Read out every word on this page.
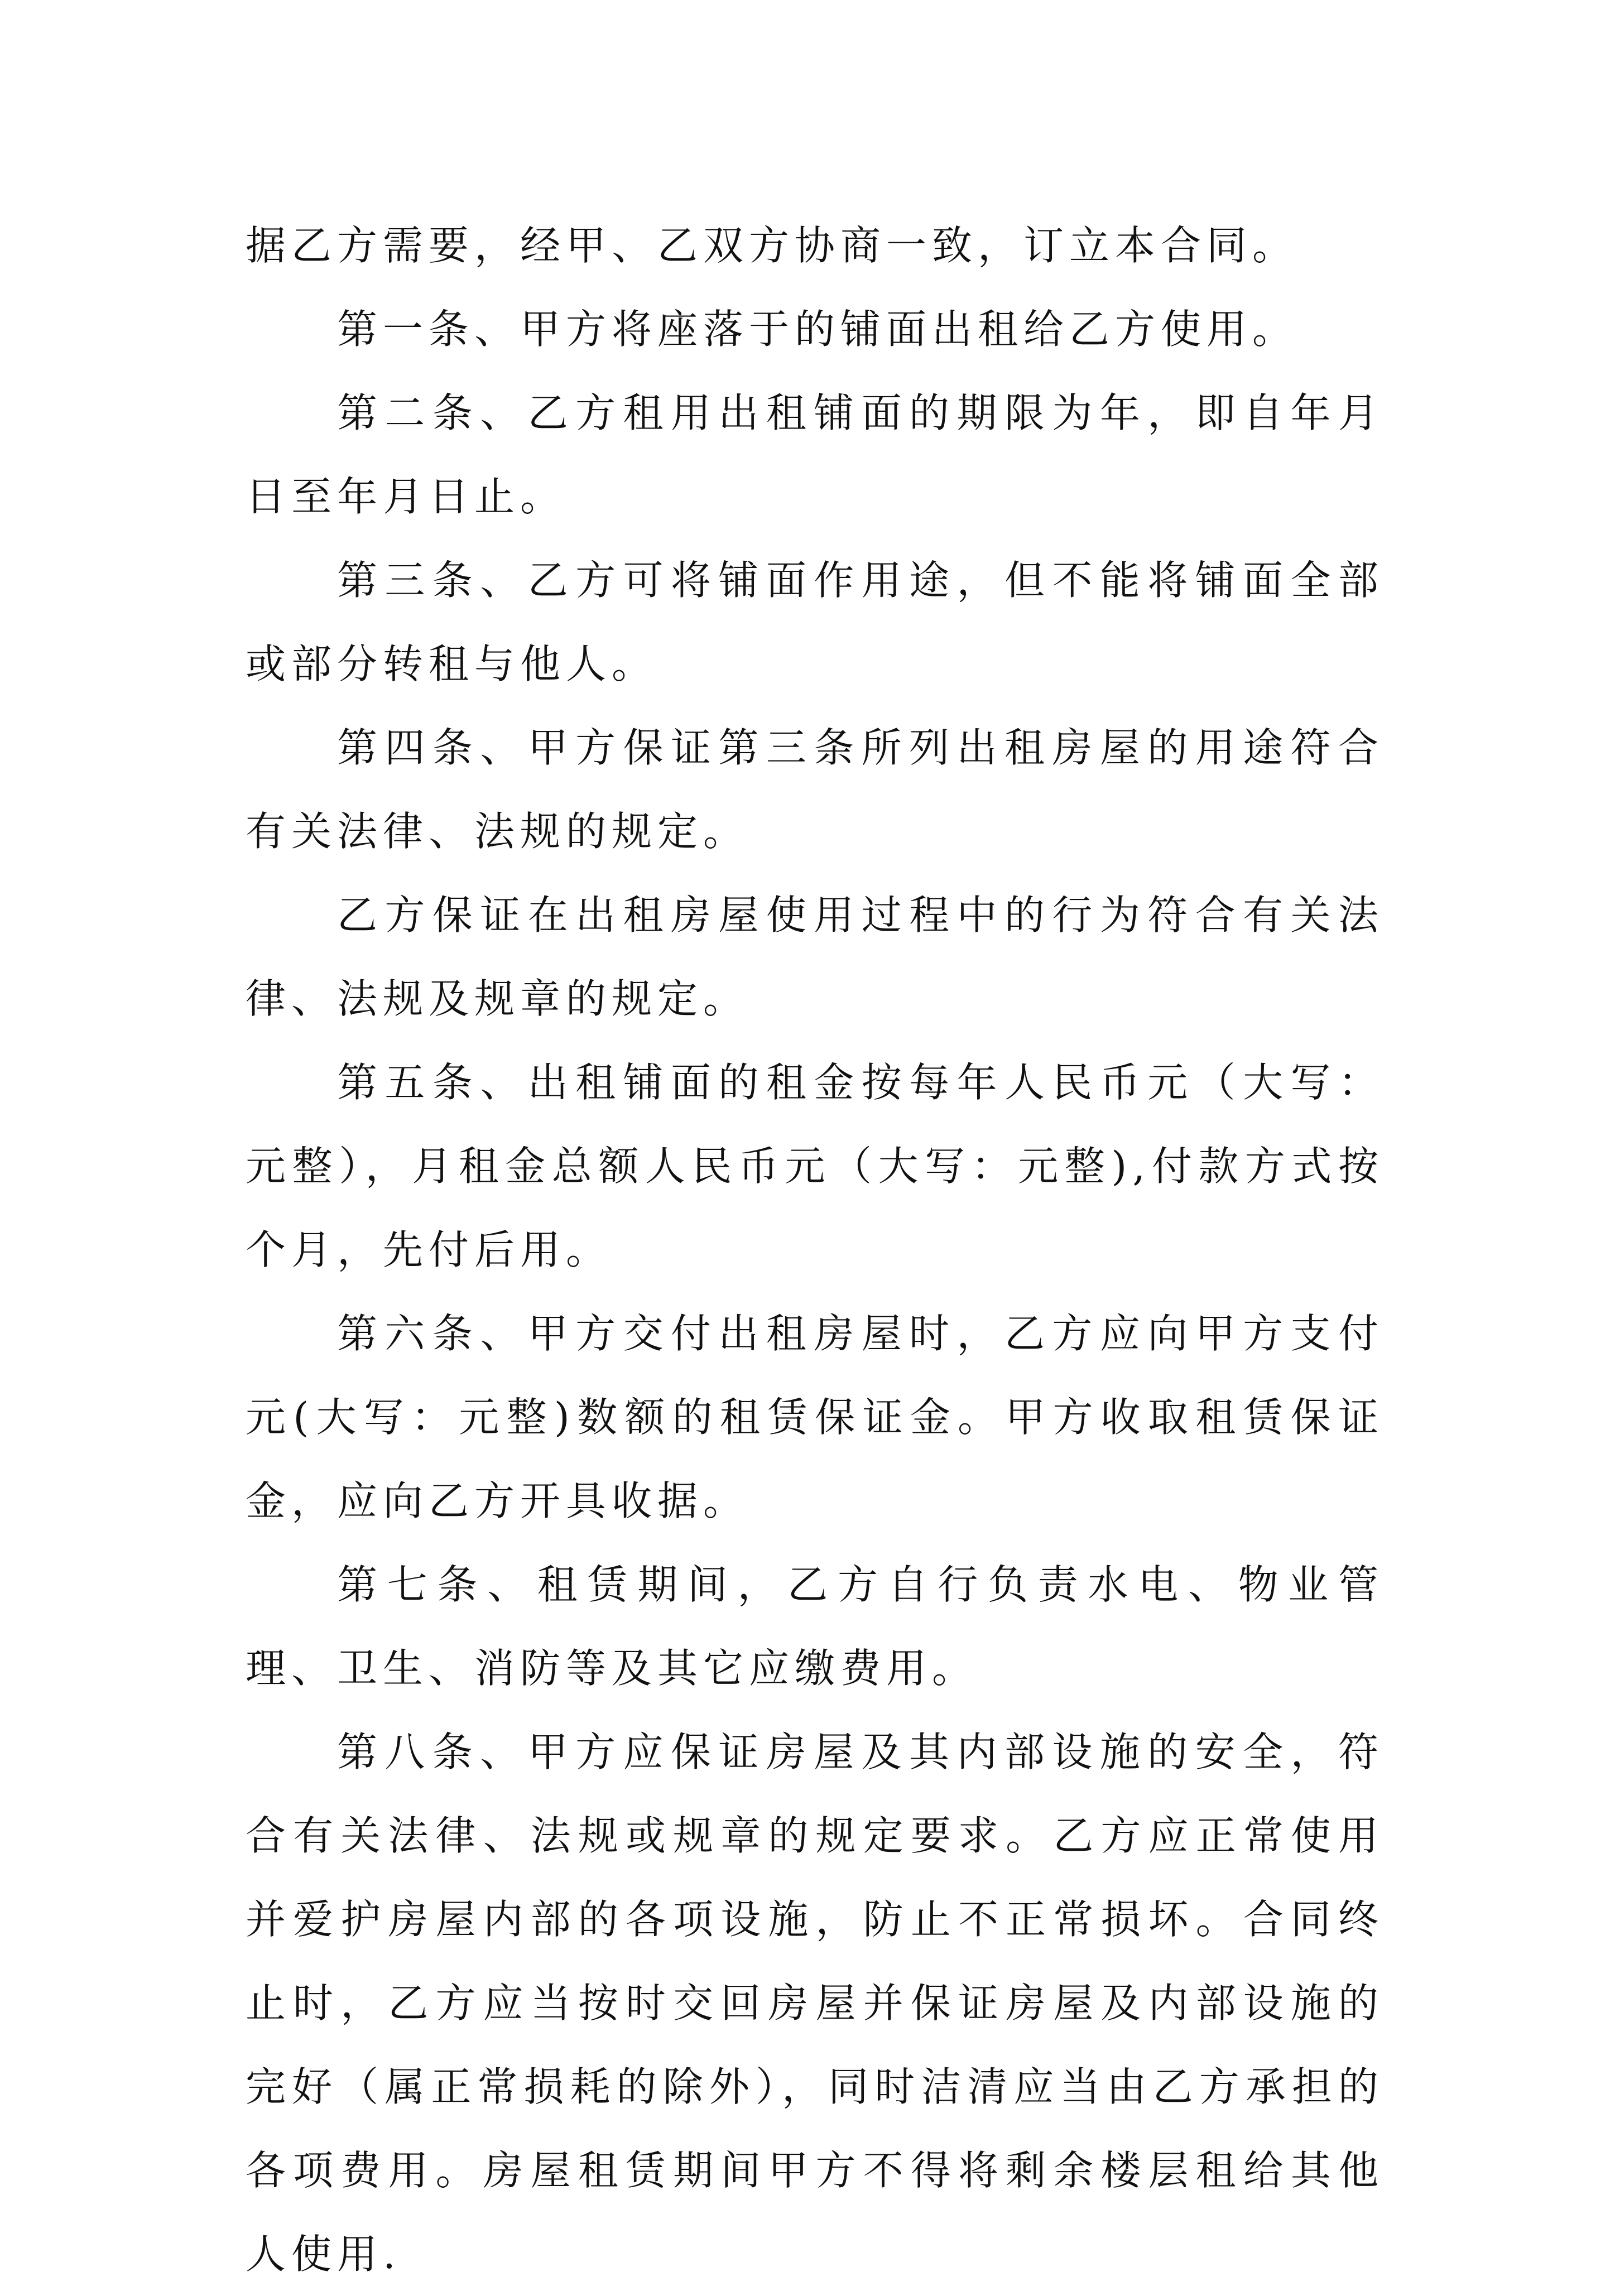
据乙方需要，经甲、乙双方协商一致，订立本合同。

第一条、甲方将座落于的铺面出租给乙方使用。

第二条、乙方租用出租铺面的期限为年，即自年月日至年月日止。

第三条、乙方可将铺面作用途，但不能将铺面全部或部分转租与他人。

第四条、甲方保证第三条所列出租房屋的用途符合有关法律、法规的规定。

乙方保证在出租房屋使用过程中的行为符合有关法律、法规及规章的规定。

第五条、出租铺面的租金按每年人民币元（大写：元整），月租金总额人民币元（大写：元整),付款方式按个月，先付后用。

第六条、甲方交付出租房屋时，乙方应向甲方支付元(大写：元整)数额的租赁保证金。甲方收取租赁保证金，应向乙方开具收据。

第七条、租赁期间，乙方自行负责水电、物业管理、卫生、消防等及其它应缴费用。

第八条、甲方应保证房屋及其内部设施的安全，符合有关法律、法规或规章的规定要求。乙方应正常使用并爱护房屋内部的各项设施，防止不正常损坏。合同终止时，乙方应当按时交回房屋并保证房屋及内部设施的完好（属正常损耗的除外），同时洁清应当由乙方承担的各项费用。房屋租赁期间甲方不得将剩余楼层租给其他人使用.
